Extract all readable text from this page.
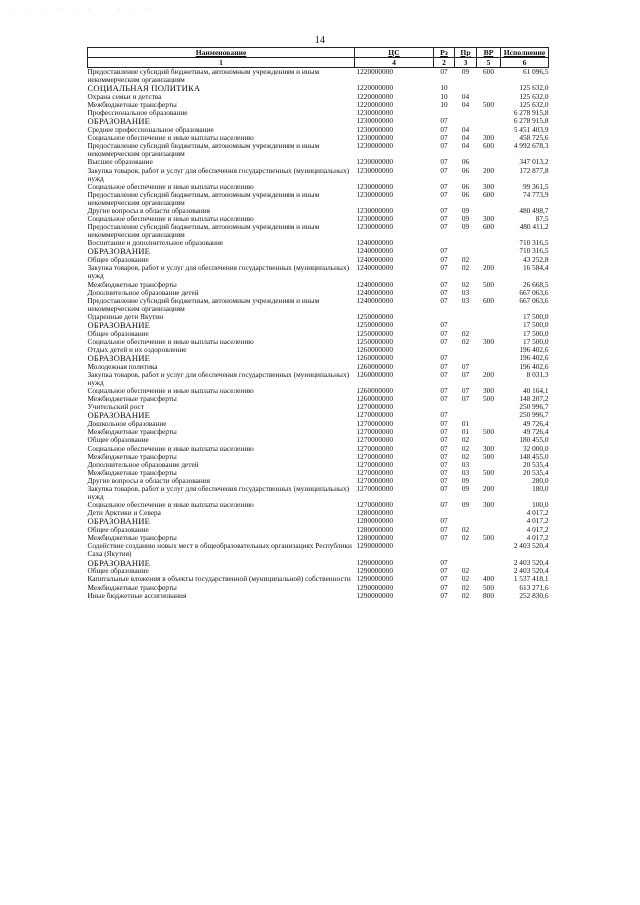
· · · · · · · · · ·
14
Наименование	ЦС	Рз	Пр	ВР	Исполнение
1	4	2	3	5	6
Предоставление субсидий бюджетным, автономным учреждениям и иным некоммерческим организациям	1220000000	07	09	600	61 096,5
СОЦИАЛЬНАЯ ПОЛИТИКА	1220000000	10			125 632,0
Охрана семьи и детства	1220000000	10	04		125 632,0
Межбюджетные трансферты	1220000000	10	04	500	125 632,0
Профессиональное образование	1230000000				6 278 915,8
ОБРАЗОВАНИЕ	1230000000	07			6 278 915,8
Среднее профессиональное образование	1230000000	07	04		5 451 403,9
Социальное обеспечение и иные выплаты населению	1230000000	07	04	300	458 725,6
Предоставление субсидий бюджетным, автономным учреждениям и иным некоммерческим организациям	1230000000	07	04	600	4 992 678,3
Высшее образование	1230000000	07	06		347 013,2
Закупка товаров, работ и услуг для обеспечения государственных (муниципальных) нужд	1230000000	07	06	200	172 877,8
Социальное обеспечение и иные выплаты населению	1230000000	07	06	300	99 361,5
Предоставление субсидий бюджетным, автономным учреждениям и иным некоммерческим организациям	1230000000	07	06	600	74 773,9
Другие вопросы в области образования	1230000000	07	09		480 498,7
Социальное обеспечение и иные выплаты населению	1230000000	07	09	300	87,5
Предоставление субсидий бюджетным, автономным учреждениям и иным некоммерческим организациям	1230000000	07	09	600	480 411,2
Воспитание и дополнительное образование	1240000000				710 316,5
ОБРАЗОВАНИЕ	1240000000	07			710 316,5
Общее образование	1240000000	07	02		43 252,8
Закупка товаров, работ и услуг для обеспечения государственных (муниципальных) нужд	1240000000	07	02	200	16 584,4
Межбюджетные трансферты	1240000000	07	02	500	26 668,5
Дополнительное образование детей	1240000000	07	03		667 063,6
Предоставление субсидий бюджетным, автономным учреждениям и иным некоммерческим организациям	1240000000	07	03	600	667 063,6
Одаренные дети Якутии	1250000000				17 500,0
ОБРАЗОВАНИЕ	1250000000	07			17 500,0
Общее образование	1250000000	07	02		17 500,0
Социальное обеспечение и иные выплаты населению	1250000000	07	02	300	17 500,0
Отдых детей и их оздоровление	1260000000				196 402,6
ОБРАЗОВАНИЕ	1260000000	07			196 402,6
Молодежная политика	1260000000	07	07		196 402,6
Закупка товаров, работ и услуг для обеспечения государственных (муниципальных) нужд	1260000000	07	07	200	8 031,3
Социальное обеспечение и иные выплаты населению	1260000000	07	07	300	40 164,1
Межбюджетные трансферты	1260000000	07	07	500	148 207,2
Учительский рост	1270000000				250 996,7
ОБРАЗОВАНИЕ	1270000000	07			250 996,7
Дошкольное образование	1270000000	07	01		49 726,4
Межбюджетные трансферты	1270000000	07	01	500	49 726,4
Общее образование	1270000000	07	02		180 455,0
Социальное обеспечение и иные выплаты населению	1270000000	07	02	300	32 000,0
Межбюджетные трансферты	1270000000	07	02	500	148 455,0
Дополнительное образование детей	1270000000	07	03		20 535,4
Межбюджетные трансферты	1270000000	07	03	500	20 535,4
Другие вопросы в области образования	1270000000	07	09		280,0
Закупка товаров, работ и услуг для обеспечения государственных (муниципальных) нужд	1270000000	07	09	200	180,0
Социальное обеспечение и иные выплаты населению	1270000000	07	09	300	100,0
Дети Арктики и Севера	1280000000				4 017,2
ОБРАЗОВАНИЕ	1280000000	07			4 017,2
Общее образование	1280000000	07	02		4 017,2
Межбюджетные трансферты	1280000000	07	02	500	4 017,2
Содействие созданию новых мест в общеобразовательных организациях Республики Саха (Якутия)	1290000000				2 403 520,4
ОБРАЗОВАНИЕ	1290000000	07			2 403 520,4
Общее образование	1290000000	07	02		2 403 520,4
Капитальные вложения в объекты государственной (муниципальной) собственности	1290000000	07	02	400	1 537 418,1
Межбюджетные трансферты	1290000000	07	02	500	613 271,6
Иные бюджетные ассигнования	1290000000	07	02	800	252 830,6
